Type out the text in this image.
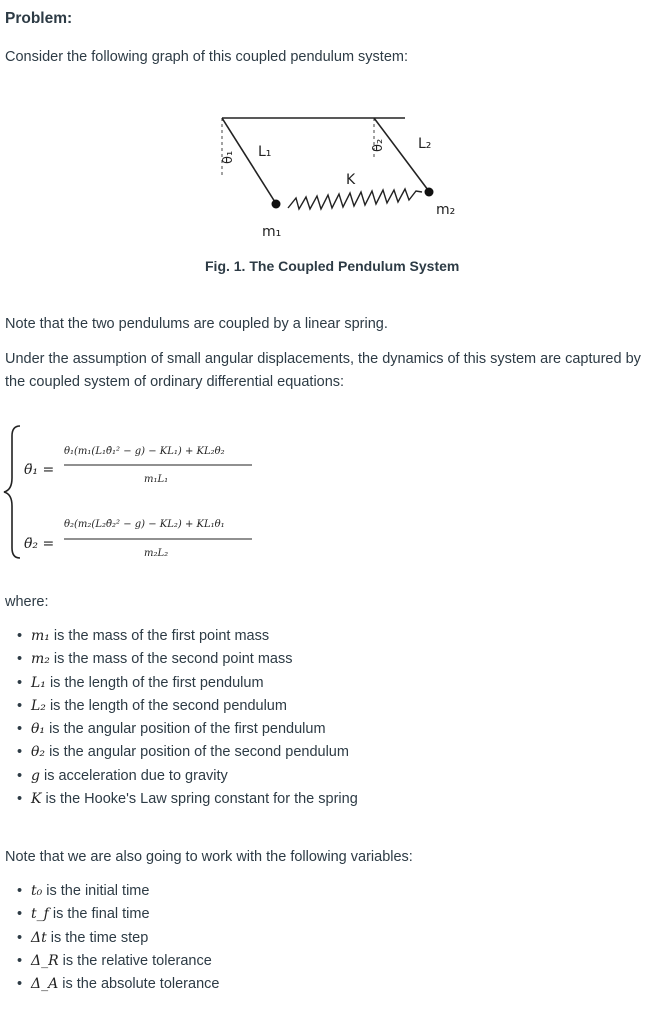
Problem:
Consider the following graph of this coupled pendulum system:
θ₁ L₁	θ₂ L₂
K
m₁
m₂
Fig. 1. The Coupled Pendulum System
Note that the two pendulums are coupled by a linear spring.
Under the assumption of small angular displacements, the dynamics of this system are captured by the coupled system of ordinary differential equations:
θ̈₁ =
θ₁(m₁(L₁θ̇₁² − g) − KL₁) + KL₂θ₂
m₁L₁
θ̈₂ =
θ₂(m₂(L₂θ̇₂² − g) − KL₂) + KL₁θ₁
m₂L₂
where:
• m₁ is the mass of the first point mass
• m₂ is the mass of the second point mass
• L₁ is the length of the first pendulum
• L₂ is the length of the second pendulum
• θ₁ is the angular position of the first pendulum
• θ₂ is the angular position of the second pendulum
• g is acceleration due to gravity
• K is the Hooke's Law spring constant for the spring
Note that we are also going to work with the following variables:
• t₀ is the initial time
• t_f is the final time
• Δt is the time step
• Δ_R is the relative tolerance
• Δ_A is the absolute tolerance
